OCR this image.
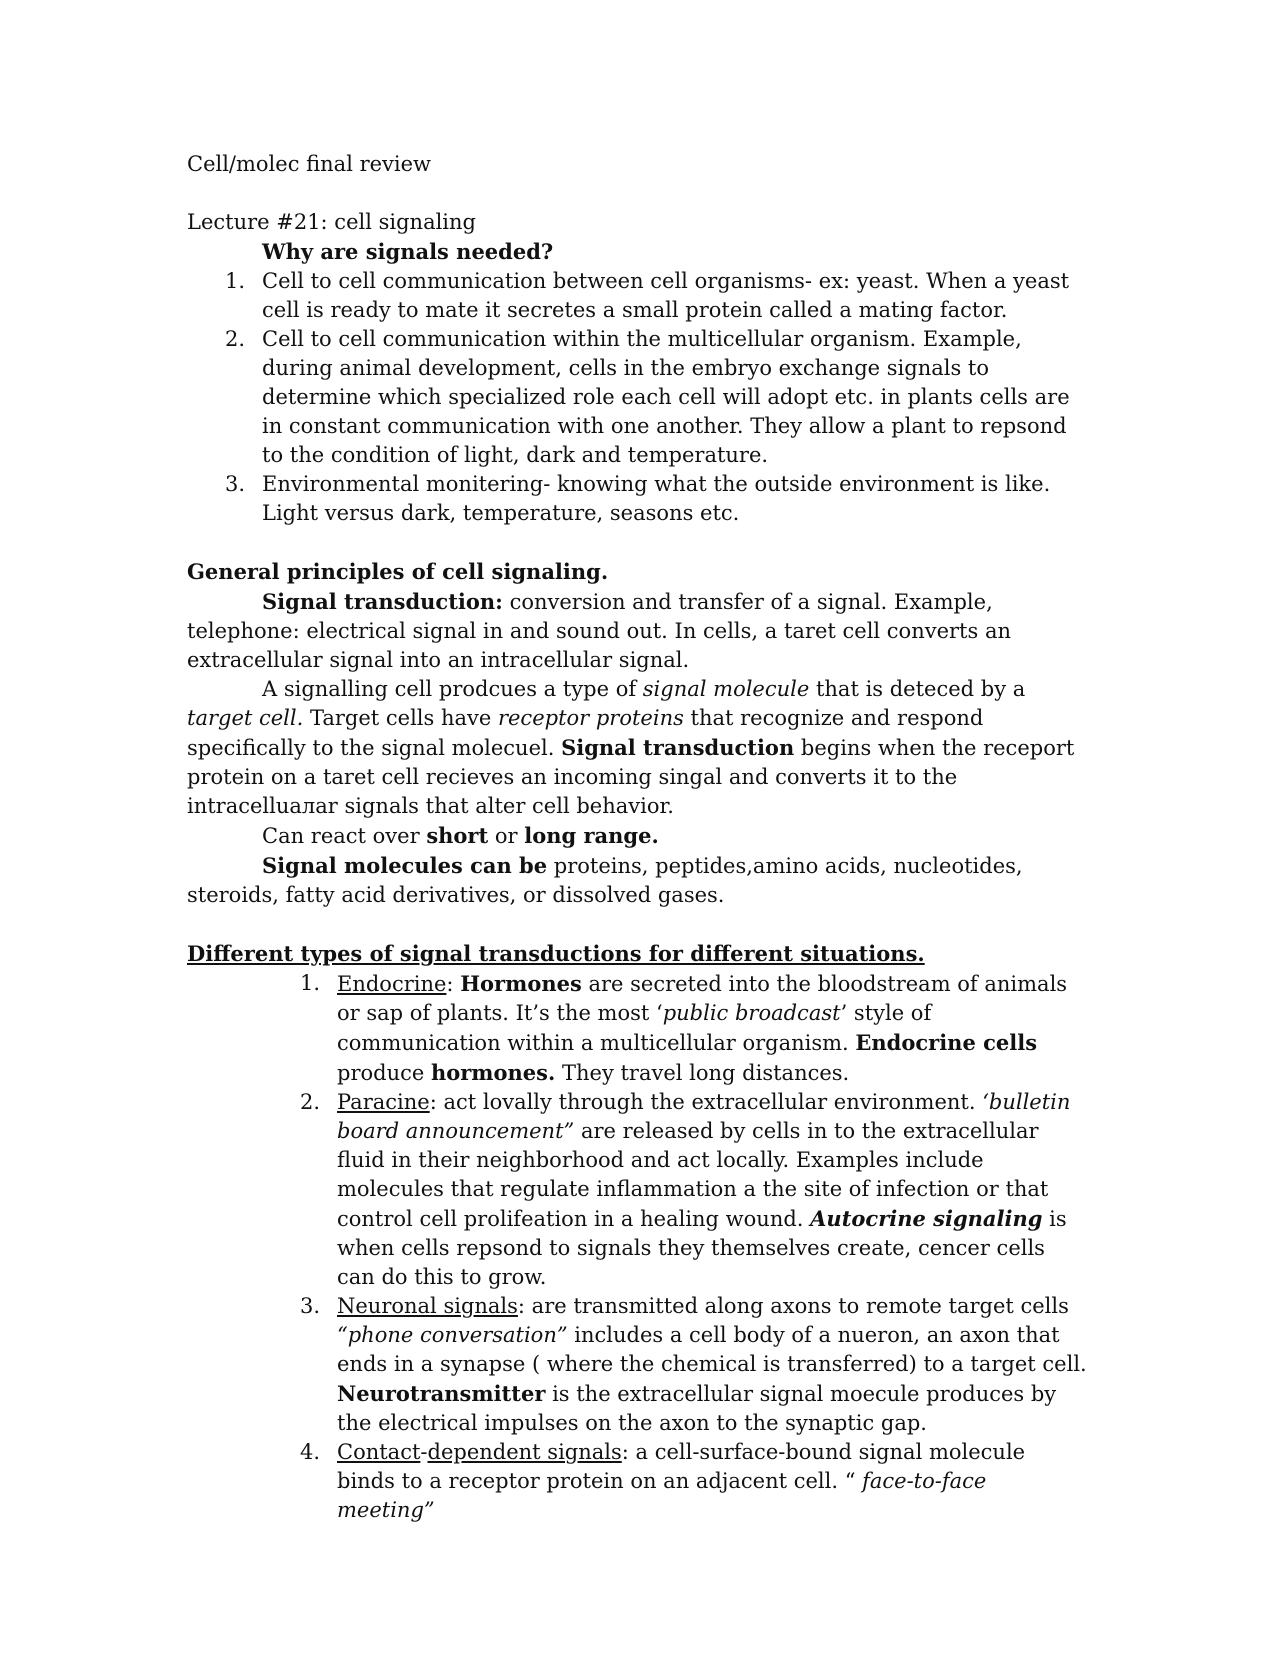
Cell/molec final review

Lecture #21: cell signaling

Why are signals needed?

1. Cell to cell communication between cell organisms- ex: yeast. When a yeast cell is ready to mate it secretes a small protein called a mating factor.
2. Cell to cell communication within the multicellular organism. Example, during animal development, cells in the embryo exchange signals to determine which specialized role each cell will adopt etc. in plants cells are in constant communication with one another. They allow a plant to repsond to the condition of light, dark and temperature.
3. Environmental monitering- knowing what the outside environment is like. Light versus dark, temperature, seasons etc.

General principles of cell signaling.

Signal transduction: conversion and transfer of a signal. Example, telephone: electrical signal in and sound out. In cells, a taret cell converts an extracellular signal into an intracellular signal.

A signalling cell prodcues a type of signal molecule that is deteced by a target cell. Target cells have receptor proteins that recognize and respond specifically to the signal molecuel. Signal transduction begins when the receport protein on a taret cell recieves an incoming singal and converts it to the intracelluалar signals that alter cell behavior.

Can react over short or long range.

Signal molecules can be proteins, peptides,amino acids, nucleotides, steroids, fatty acid derivatives, or dissolved gases.

Different types of signal transductions for different situations.

1. Endocrine: Hormones are secreted into the bloodstream of animals or sap of plants. It’s the most ‘public broadcast’ style of communication within a multicellular organism. Endocrine cells produce hormones. They travel long distances.
2. Paracine: act lovally through the extracellular environment. ‘bulletin board announcement” are released by cells in to the extracellular fluid in their neighborhood and act locally. Examples include molecules that regulate inflammation a the site of infection or that control cell prolifeation in a healing wound. Autocrine signaling is when cells repsond to signals they themselves create, cencer cells can do this to grow.
3. Neuronal signals: are transmitted along axons to remote target cells “phone conversation” includes a cell body of a nueron, an axon that ends in a synapse ( where the chemical is transferred) to a target cell. Neurotransmitter is the extracellular signal moecule produces by the electrical impulses on the axon to the synaptic gap.
4. Contact-dependent signals: a cell-surface-bound signal molecule binds to a receptor protein on an adjacent cell. “ face-to-face meeting”
